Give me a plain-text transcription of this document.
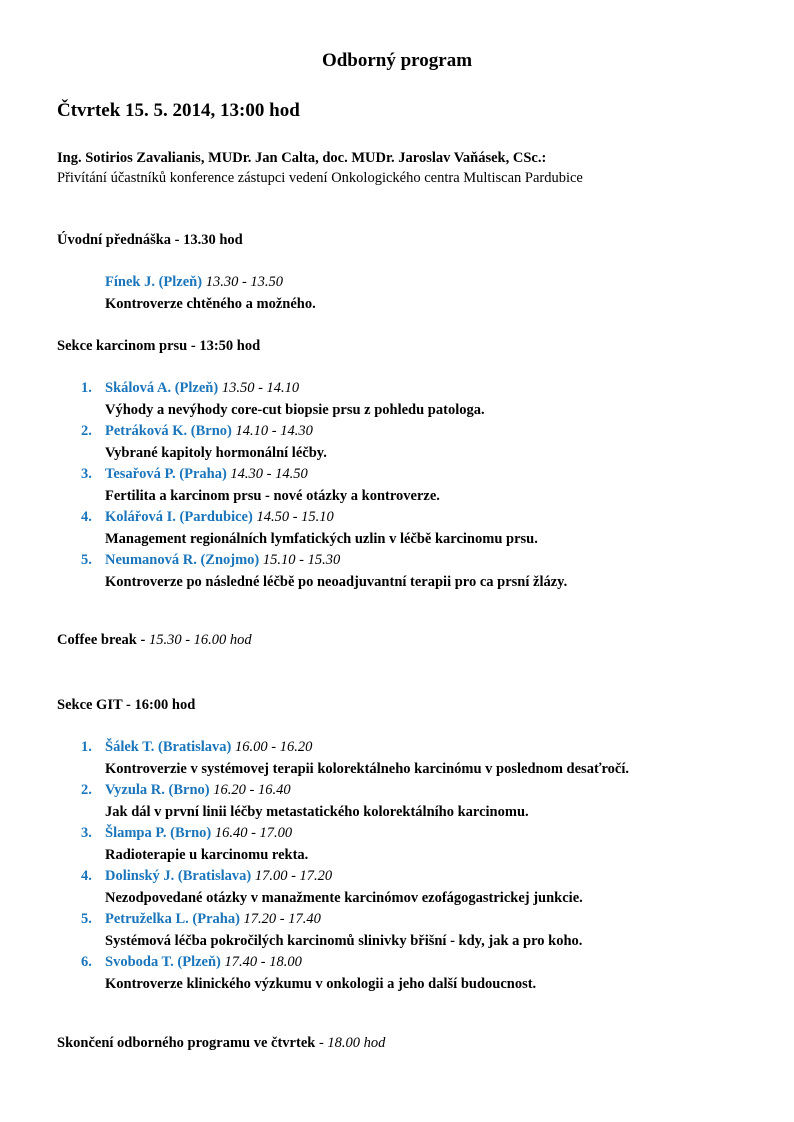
Odborný program
Čtvrtek 15. 5. 2014, 13:00 hod
Ing. Sotirios Zavalianis, MUDr. Jan Calta, doc. MUDr. Jaroslav Vaňásek, CSc.:
Přivítání účastníků konference zástupci vedení Onkologického centra Multiscan Pardubice
Úvodní přednáška - 13.30 hod
Fínek J. (Plzeň) 13.30 - 13.50
Kontroverze chtěného a možného.
Sekce karcinom prsu - 13:50 hod
1. Skálová A. (Plzeň) 13.50 - 14.10
Výhody a nevýhody core-cut biopsie prsu z pohledu patologa.
2. Petráková K. (Brno) 14.10 - 14.30
Vybrané kapitoly hormonální léčby.
3. Tesařová P. (Praha) 14.30 - 14.50
Fertilita a karcinom prsu - nové otázky a kontroverze.
4. Kolářová I. (Pardubice) 14.50 - 15.10
Management regionálních lymfatických uzlin v léčbě karcinomu prsu.
5. Neumanová R. (Znojmo) 15.10 - 15.30
Kontroverze po následné léčbě po neoadjuvantní terapii pro ca prsní žlázy.
Coffee break - 15.30 - 16.00 hod
Sekce GIT - 16:00 hod
1. Šálek T. (Bratislava) 16.00 - 16.20
Kontroverzie v systémovej terapii kolorektálneho karcinómu v poslednom desaťročí.
2. Vyzula R. (Brno) 16.20 - 16.40
Jak dál v první linii léčby metastatického kolorektálního karcinomu.
3. Šlampa P. (Brno) 16.40 - 17.00
Radioterapie u karcinomu rekta.
4. Dolinský J. (Bratislava) 17.00 - 17.20
Nezodpovedané otázky v manažmente karcinómov ezofágogastrickej junkcie.
5. Petruželka L. (Praha) 17.20 - 17.40
Systémová léčba pokročilých karcinomů slinivky břišní - kdy, jak a pro koho.
6. Svoboda T. (Plzeň) 17.40 - 18.00
Kontroverze klinického výzkumu v onkologii a jeho další budoucnost.
Skončení odborného programu ve čtvrtek - 18.00 hod
